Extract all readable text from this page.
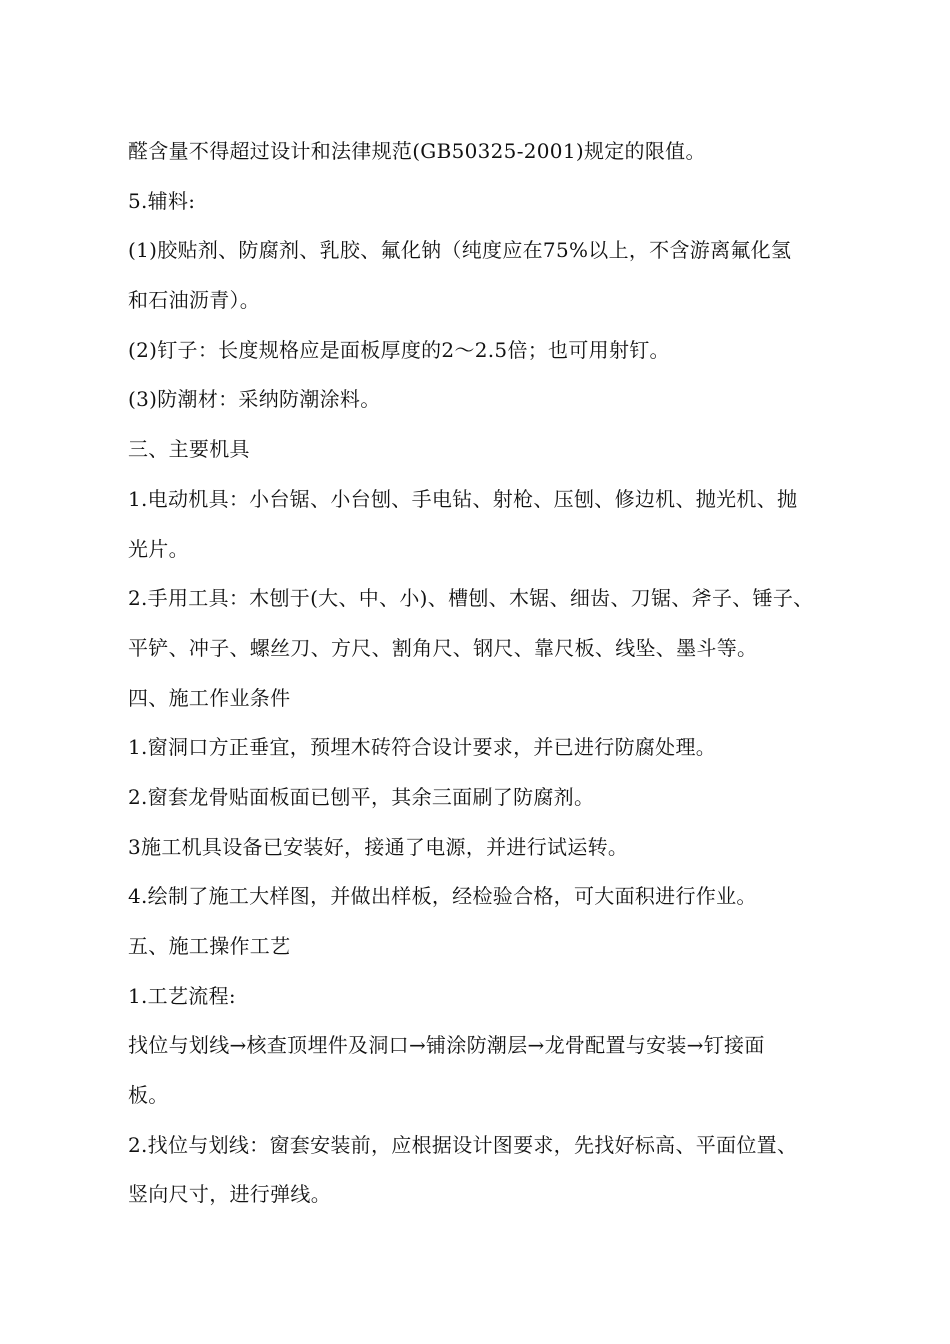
醛含量不得超过设计和法律规范(GB50325-2001)规定的限值。
5.辅料:
(1)胶贴剂、防腐剂、乳胶、氟化钠（纯度应在75%以上，不含游离氟化氢
和石油沥青）。
(2)钉子：长度规格应是面板厚度的2～2.5倍；也可用射钉。
(3)防潮材：采纳防潮涂料。
三、主要机具
1.电动机具：小台锯、小台刨、手电钻、射枪、压刨、修边机、抛光机、抛
光片。
2.手用工具：木刨于(大、中、小)、槽刨、木锯、细齿、刀锯、斧子、锤子、
平铲、冲子、螺丝刀、方尺、割角尺、钢尺、靠尺板、线坠、墨斗等。
四、施工作业条件
1.窗洞口方正垂宜，预埋木砖符合设计要求，并已进行防腐处理。
2.窗套龙骨贴面板面已刨平，其余三面刷了防腐剂。
3施工机具设备已安装好，接通了电源，并进行试运转。
4.绘制了施工大样图，并做出样板，经检验合格，可大面积进行作业。
五、施工操作工艺
1.工艺流程:
找位与划线→核查顶埋件及洞口→铺涂防潮层→龙骨配置与安装→钉接面
板。
2.找位与划线：窗套安装前，应根据设计图要求，先找好标高、平面位置、
竖向尺寸，进行弹线。
